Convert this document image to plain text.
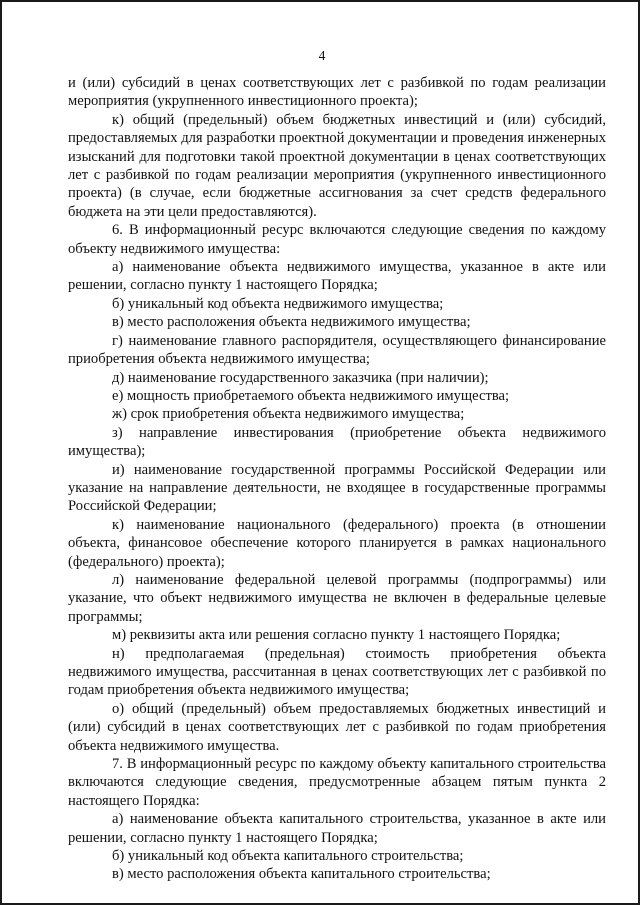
4

и (или) субсидий в ценах соответствующих лет с разбивкой по годам реализации мероприятия (укрупненного инвестиционного проекта);

к) общий (предельный) объем бюджетных инвестиций и (или) субсидий, предоставляемых для разработки проектной документации и проведения инженерных изысканий для подготовки такой проектной документации в ценах соответствующих лет с разбивкой по годам реализации мероприятия (укрупненного инвестиционного проекта) (в случае, если бюджетные ассигнования за счет средств федерального бюджета на эти цели предоставляются).

6. В информационный ресурс включаются следующие сведения по каждому объекту недвижимого имущества:

а) наименование объекта недвижимого имущества, указанное в акте или решении, согласно пункту 1 настоящего Порядка;

б) уникальный код объекта недвижимого имущества;

в) место расположения объекта недвижимого имущества;

г) наименование главного распорядителя, осуществляющего финансирование приобретения объекта недвижимого имущества;

д) наименование государственного заказчика (при наличии);

е) мощность приобретаемого объекта недвижимого имущества;

ж) срок приобретения объекта недвижимого имущества;

з) направление инвестирования (приобретение объекта недвижимого имущества);

и) наименование государственной программы Российской Федерации или указание на направление деятельности, не входящее в государственные программы Российской Федерации;

к) наименование национального (федерального) проекта (в отношении объекта, финансовое обеспечение которого планируется в рамках национального (федерального) проекта);

л) наименование федеральной целевой программы (подпрограммы) или указание, что объект недвижимого имущества не включен в федеральные целевые программы;

м) реквизиты акта или решения согласно пункту 1 настоящего Порядка;

н) предполагаемая (предельная) стоимость приобретения объекта недвижимого имущества, рассчитанная в ценах соответствующих лет с разбивкой по годам приобретения объекта недвижимого имущества;

о) общий (предельный) объем предоставляемых бюджетных инвестиций и (или) субсидий в ценах соответствующих лет с разбивкой по годам приобретения объекта недвижимого имущества.

7. В информационный ресурс по каждому объекту капитального строительства включаются следующие сведения, предусмотренные абзацем пятым пункта 2 настоящего Порядка:

а) наименование объекта капитального строительства, указанное в акте или решении, согласно пункту 1 настоящего Порядка;

б) уникальный код объекта капитального строительства;

в) место расположения объекта капитального строительства;
